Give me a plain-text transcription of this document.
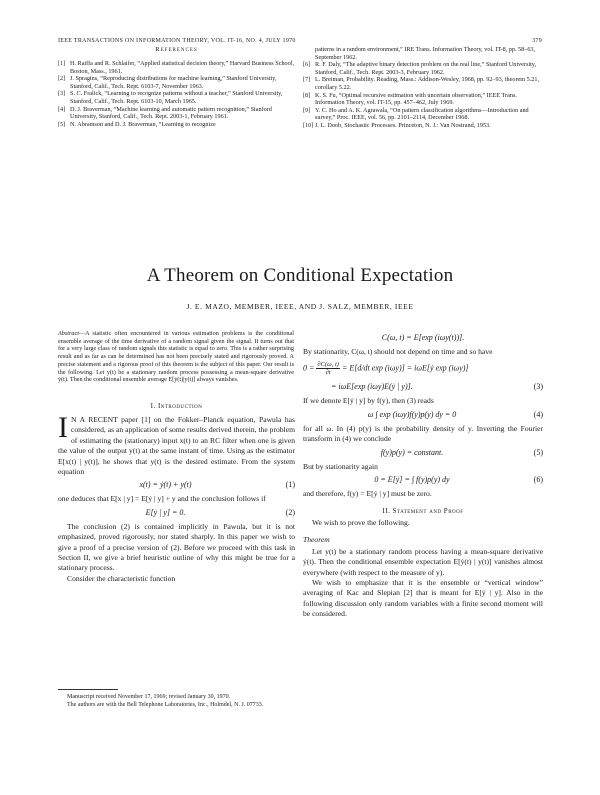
IEEE TRANSACTIONS ON INFORMATION THEORY, VOL. IT-16, NO. 4, JULY 1970	379
References
[1] H. Raiffa and R. Schlaifer, “Applied statistical decision theory,” Harvard Business School, Boston, Mass., 1961.
[2] J. Spragins, “Reproducing distributions for machine learning,” Stanford University, Stanford, Calif., Tech. Rept. 6103-7, November 1963.
[3] S. C. Fralick, “Learning to recognize patterns without a teacher,” Stanford University, Stanford, Calif., Tech. Rept. 6103-10, March 1965.
[4] D. J. Braverman, “Machine learning and automatic pattern recognition,” Stanford University, Stanford, Calif., Tech. Rept. 2003-1, February 1961.
[5] N. Abramson and D. J. Braverman, “Learning to recognize
patterns in a random environment,” IRE Trans. Information Theory, vol. IT-8, pp. 58–63, September 1962.
[6] R. F. Daly, “The adaptive binary detection problem on the real line,” Stanford University, Stanford, Calif., Tech. Rept. 2003-3, February 1962.
[7] L. Breiman, Probability. Reading, Mass.: Addison-Wesley, 1968, pp. 92–93, theorem 5.21, corollary 5.22.
[8] K. S. Fu, “Optimal recursive estimation with uncertain observation,” IEEE Trans. Information Theory, vol. IT-15, pp. 457–462, July 1969.
[9] Y. C. Ho and A. K. Agrawala, “On pattern classification algorithms—Introduction and survey,” Proc. IEEE, vol. 56, pp. 2101–2114, December 1968.
[10] J. L. Doob, Stochastic Processes. Princeton, N. J.: Van Nostrand, 1953.
A Theorem on Conditional Expectation
J. E. MAZO, MEMBER, IEEE, AND J. SALZ, MEMBER, IEEE
Abstract—A statistic often encountered in various estimation problems is the conditional ensemble average of the time derivative of a random signal given the signal. It turns out that for a very large class of random signals this statistic is equal to zero. This is a rather surprising result and as far as can be determined has not been precisely stated and rigorously proved. A precise statement and a rigorous proof of this theorem is the subject of this paper. Our result is the following. Let y(t) be a stationary random process possessing a mean-square derivative ẏ(t). Then the conditional ensemble average E[ẏ(t)|y(t)] always vanishes.
I. Introduction

I N A RECENT paper [1] on the Fokker–Planck equation, Pawula has considered, as an application of some results derived therein, the problem of estimating the (stationary) input x(t) to an RC filter when one is given the value of the output y(t) at the same instant of time. Using as the estimator E[x(t) | y(t)], he shows that y(t) is the desired estimate. From the system equation

x(t) = ẏ(t) + y(t)	(1)

one deduces that E[x | y] = E[ẏ | y] + y and the conclusion follows if

E[ẏ | y] = 0.	(2)

The conclusion (2) is contained implicitly in Pawula, but it is not emphasized, proved rigorously, nor stated sharply. In this paper we wish to give a proof of a precise version of (2). Before we proceed with this task in Section II, we give a brief heuristic outline of why this might be true for a stationary process.

Consider the characteristic function

Manuscript received November 17, 1969; revised January 30, 1970.
The authors are with the Bell Telephone Laboratories, Inc., Holmdel, N. J. 07733.
C(ω, t) = E[exp (iωy(t))].

By stationarity, C(ω, t) should not depend on time and so have

$0 = \frac{\partial C(\omega, t)}{\partial t} = E[d/dt$ exp (iωy)] = iωE[ẏ exp (iωy)]
= iωE[exp (iωy)E(ẏ | y)].	(3)

If we denote E[ẏ | y] by f(y), then (3) reads

ω ∫ exp (iωy)f(y)p(y) dy = 0	(4)

for all ω. In (4) p(y) is the probability density of y. Inverting the Fourier transform in (4) we conclude

f(y)p(y) = constant.	(5)

But by stationarity again

0 = E[ẏ] = ∫ f(y)p(y) dy	(6)

and therefore, f(y) = E[ẏ | y] must be zero.

II. Statement and Proof

We wish to prove the following.

Theorem

Let y(t) be a stationary random process having a mean-square derivative ẏ(t). Then the conditional ensemble expectation E[ẏ(t) | y(t)] vanishes almost everywhere (with respect to the measure of y).

We wish to emphasize that it is the ensemble or “vertical window” averaging of Kac and Slepian [2] that is meant for E[ẏ | y]. Also in the following discussion only random variables with a finite second moment will be considered.
